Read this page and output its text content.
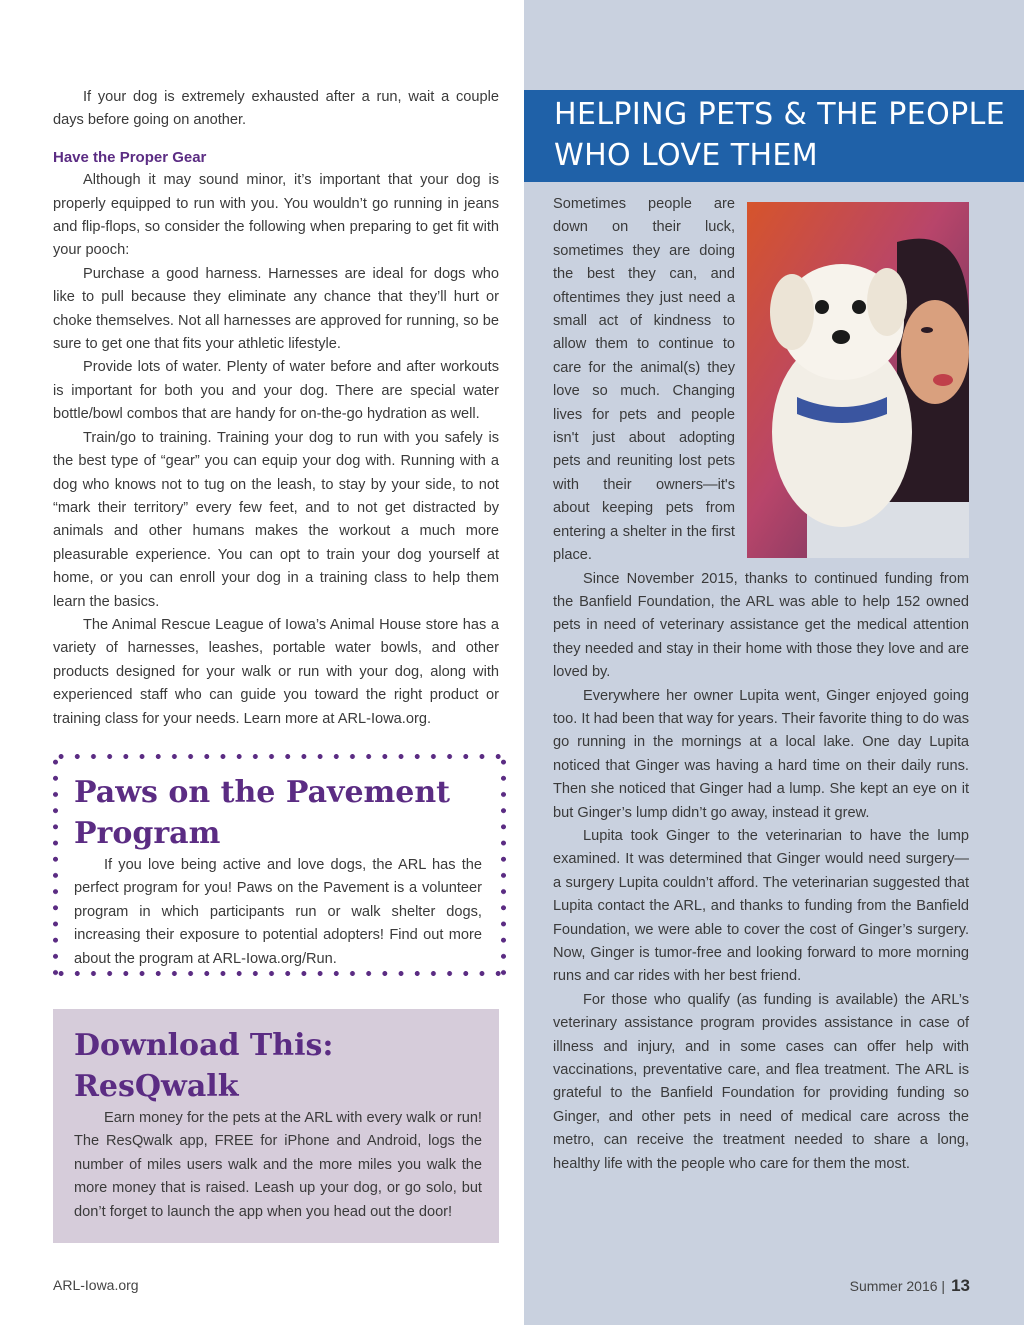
If your dog is extremely exhausted after a run, wait a couple days before going on another.

Have the Proper Gear

Although it may sound minor, it’s important that your dog is properly equipped to run with you. You wouldn’t go running in jeans and flip-flops, so consider the following when preparing to get fit with your pooch:

Purchase a good harness. Harnesses are ideal for dogs who like to pull because they eliminate any chance that they’ll hurt or choke themselves. Not all harnesses are approved for running, so be sure to get one that fits your athletic lifestyle.

Provide lots of water. Plenty of water before and after workouts is important for both you and your dog. There are special water bottle/bowl combos that are handy for on-the-go hydration as well.

Train/go to training. Training your dog to run with you safely is the best type of “gear” you can equip your dog with. Running with a dog who knows not to tug on the leash, to stay by your side, to not “mark their territory” every few feet, and to not get distracted by animals and other humans makes the workout a much more pleasurable experience. You can opt to train your dog yourself at home, or you can enroll your dog in a training class to help them learn the basics.

The Animal Rescue League of Iowa’s Animal House store has a variety of harnesses, leashes, portable water bowls, and other products designed for your walk or run with your dog, along with experienced staff who can guide you toward the right product or training class for your needs. Learn more at ARL-Iowa.org.

Paws on the Pavement Program

If you love being active and love dogs, the ARL has the perfect program for you! Paws on the Pavement is a volunteer program in which participants run or walk shelter dogs, increasing their exposure to potential adopters! Find out more about the program at ARL-Iowa.org/Run.

Download This: ResQwalk

Earn money for the pets at the ARL with every walk or run! The ResQwalk app, FREE for iPhone and Android, logs the number of miles users walk and the more miles you walk the more money that is raised. Leash up your dog, or go solo, but don’t forget to launch the app when you head out the door!

HELPING PETS & THE PEOPLE WHO LOVE THEM

Sometimes people are down on their luck, sometimes they are doing the best they can, and oftentimes they just need a small act of kindness to allow them to continue to care for the animal(s) they love so much. Changing lives for pets and people isn't just about adopting pets and reuniting lost pets with their owners—it's about keeping pets from entering a shelter in the first place.

Since November 2015, thanks to continued funding from the Banfield Foundation, the ARL was able to help 152 owned pets in need of veterinary assistance get the medical attention they needed and stay in their home with those they love and are loved by.

Everywhere her owner Lupita went, Ginger enjoyed going too. It had been that way for years. Their favorite thing to do was go running in the mornings at a local lake. One day Lupita noticed that Ginger was having a hard time on their daily runs. Then she noticed that Ginger had a lump. She kept an eye on it but Ginger’s lump didn’t go away, instead it grew.

Lupita took Ginger to the veterinarian to have the lump examined. It was determined that Ginger would need surgery—a surgery Lupita couldn’t afford. The veterinarian suggested that Lupita contact the ARL, and thanks to funding from the Banfield Foundation, we were able to cover the cost of Ginger’s surgery. Now, Ginger is tumor-free and looking forward to more morning runs and car rides with her best friend.

For those who qualify (as funding is available) the ARL’s veterinary assistance program provides assistance in case of illness and injury, and in some cases can offer help with vaccinations, preventative care, and flea treatment. The ARL is grateful to the Banfield Foundation for providing funding so Ginger, and other pets in need of medical care across the metro, can receive the treatment needed to share a long, healthy life with the people who care for them the most.

ARL-Iowa.org	Summer 2016 | 13
